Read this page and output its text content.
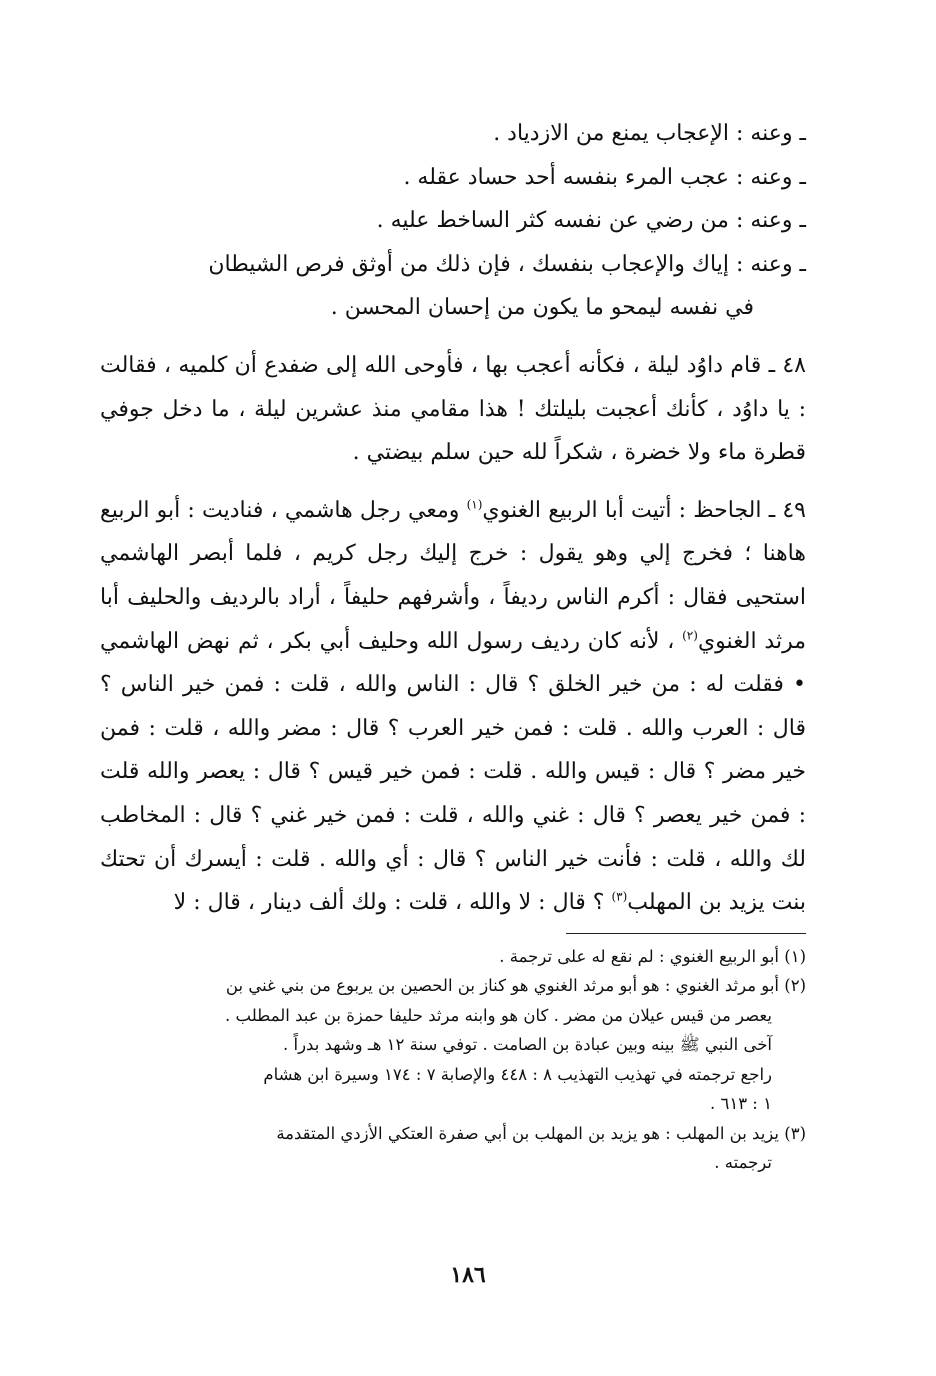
ـ وعنه : الإعجاب يمنع من الازدياد .

ـ وعنه : عجب المرء بنفسه أحد حساد عقله .

ـ وعنه : من رضي عن نفسه كثر الساخط عليه .

ـ وعنه : إياك والإعجاب بنفسك ، فإن ذلك من أوثق فرص الشيطان

في نفسه ليمحو ما يكون من إحسان المحسن .

٤٨ ـ قام داوُد ليلة ، فكأنه أعجب بها ، فأوحى الله إلى ضفدع أن كلميه ، فقالت : يا داوُد ، كأنك أعجبت بليلتك ! هذا مقامي منذ عشرين ليلة ، ما دخل جوفي قطرة ماء ولا خضرة ، شكراً لله حين سلم بيضتي .

٤٩ ـ الجاحظ : أتيت أبا الربيع الغنوي$^{(١)}$ ومعي رجل هاشمي ، فناديت : أبو الربيع هاهنا ؛ فخرج إلي وهو يقول : خرج إليك رجل كريم ، فلما أبصر الهاشمي استحيى فقال : أكرم الناس رديفاً ، وأشرفهم حليفاً ، أراد بالرديف والحليف أبا مرثد الغنوي$^{(٢)}$ ، لأنه كان رديف رسول الله وحليف أبي بكر ، ثم نهض الهاشمي • فقلت له : من خير الخلق ؟ قال : الناس والله ، قلت : فمن خير الناس ؟ قال : العرب والله . قلت : فمن خير العرب ؟ قال : مضر والله ، قلت : فمن خير مضر ؟ قال : قيس والله . قلت : فمن خير قيس ؟ قال : يعصر والله قلت : فمن خير يعصر ؟ قال : غني والله ، قلت : فمن خير غني ؟ قال : المخاطب لك والله ، قلت : فأنت خير الناس ؟ قال : أي والله . قلت : أيسرك أن تحتك بنت يزيد بن المهلب$^{(٣)}$ ؟ قال : لا والله ، قلت : ولك ألف دينار ، قال : لا

(١) أبو الربيع الغنوي : لم نقع له على ترجمة .

(٢) أبو مرثد الغنوي : هو أبو مرثد الغنوي هو كناز بن الحصين بن يربوع من بني غني بن

يعصر من قيس عيلان من مضر . كان هو وابنه مرثد حليفا حمزة بن عبد المطلب .

آخى النبي ﷺ بينه وبين عبادة بن الصامت . توفي سنة ١٢ هـ وشهد بدراً .

راجع ترجمته في تهذيب التهذيب ٨ : ٤٤٨ والإصابة ٧ : ١٧٤ وسيرة ابن هشام

١ : ٦١٣ .

(٣) يزيد بن المهلب : هو يزيد بن المهلب بن أبي صفرة العتكي الأزدي المتقدمة

ترجمته .

١٨٦
